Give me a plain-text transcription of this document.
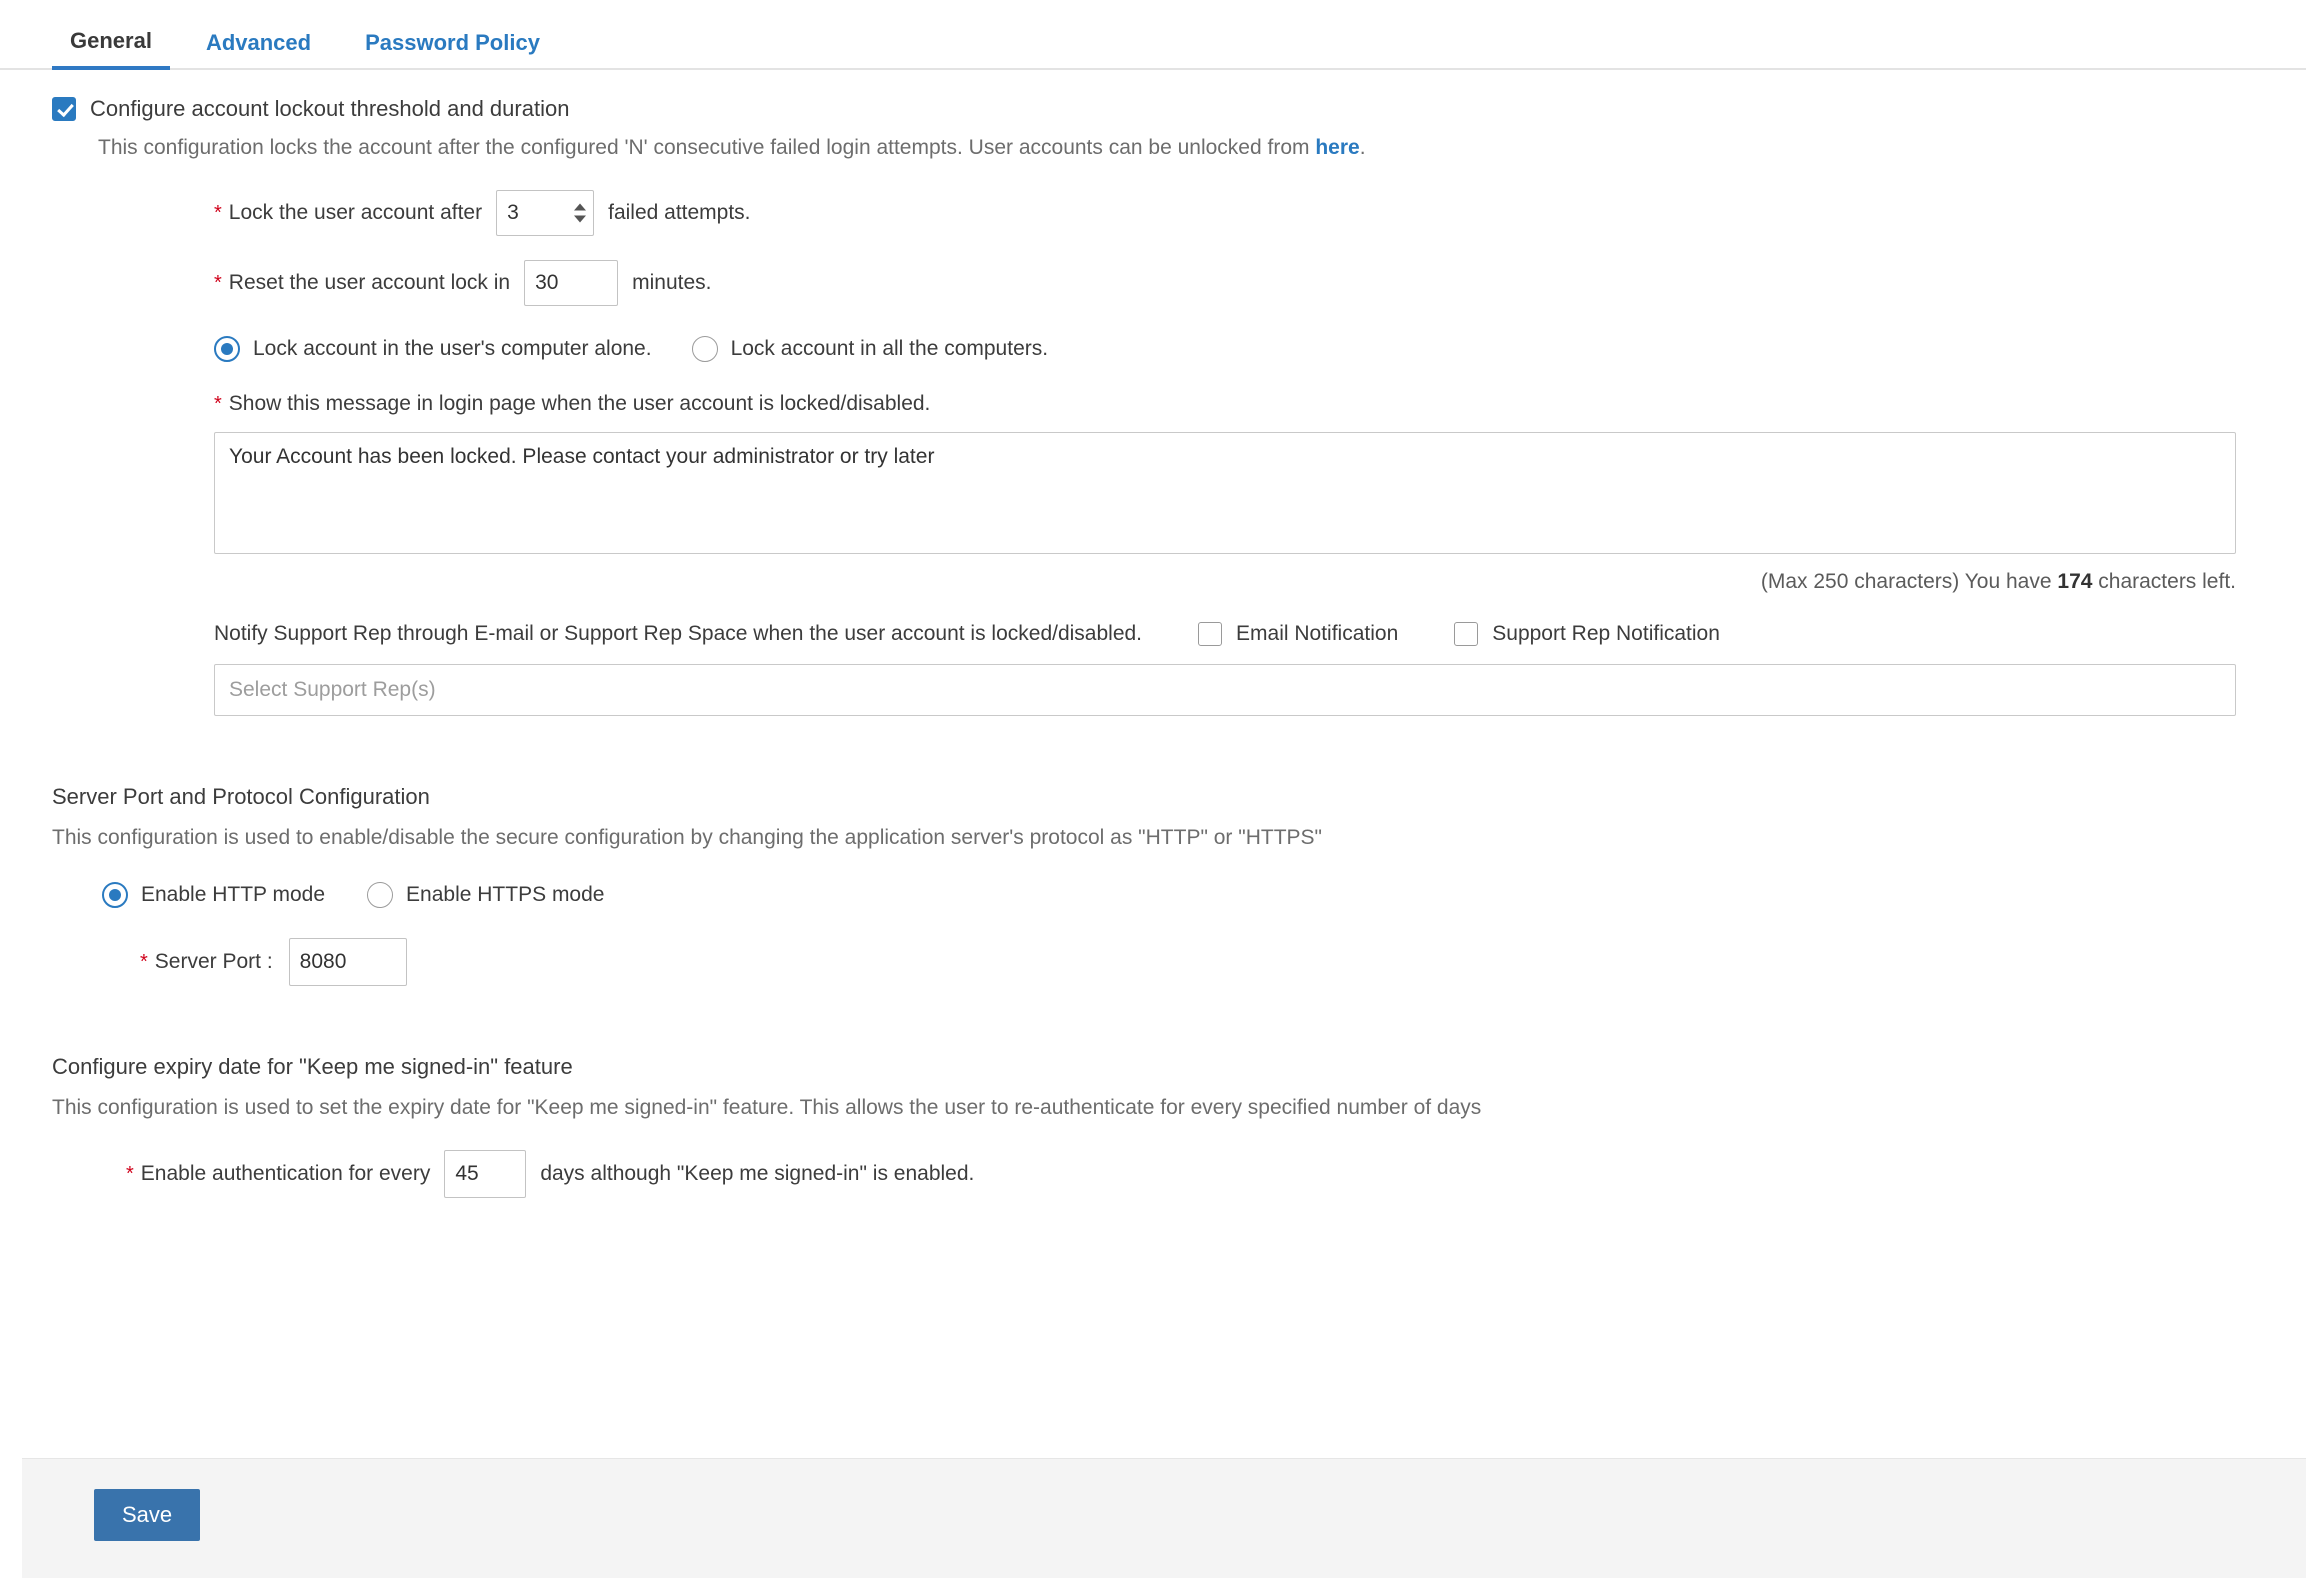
General	Advanced	Password Policy
Configure account lockout threshold and duration
This configuration locks the account after the configured 'N' consecutive failed login attempts. User accounts can be unlocked from here.
* Lock the user account after
3	failed attempts.
* Reset the user account lock in
30	minutes.
Lock account in the user's computer alone.	Lock account in all the computers.
* Show this message in login page when the user account is locked/disabled.
Your Account has been locked. Please contact your administrator or try later
(Max 250 characters) You have 174 characters left.
Notify Support Rep through E-mail or Support Rep Space when the user account is locked/disabled.	Email Notification	Support Rep Notification
Select Support Rep(s)
Server Port and Protocol Configuration
This configuration is used to enable/disable the secure configuration by changing the application server's protocol as "HTTP" or "HTTPS"
Enable HTTP mode	Enable HTTPS mode
* Server Port :
8080
Configure expiry date for "Keep me signed-in" feature
This configuration is used to set the expiry date for "Keep me signed-in" feature. This allows the user to re-authenticate for every specified number of days
* Enable authentication for every
45	days although "Keep me signed-in" is enabled.
Save
